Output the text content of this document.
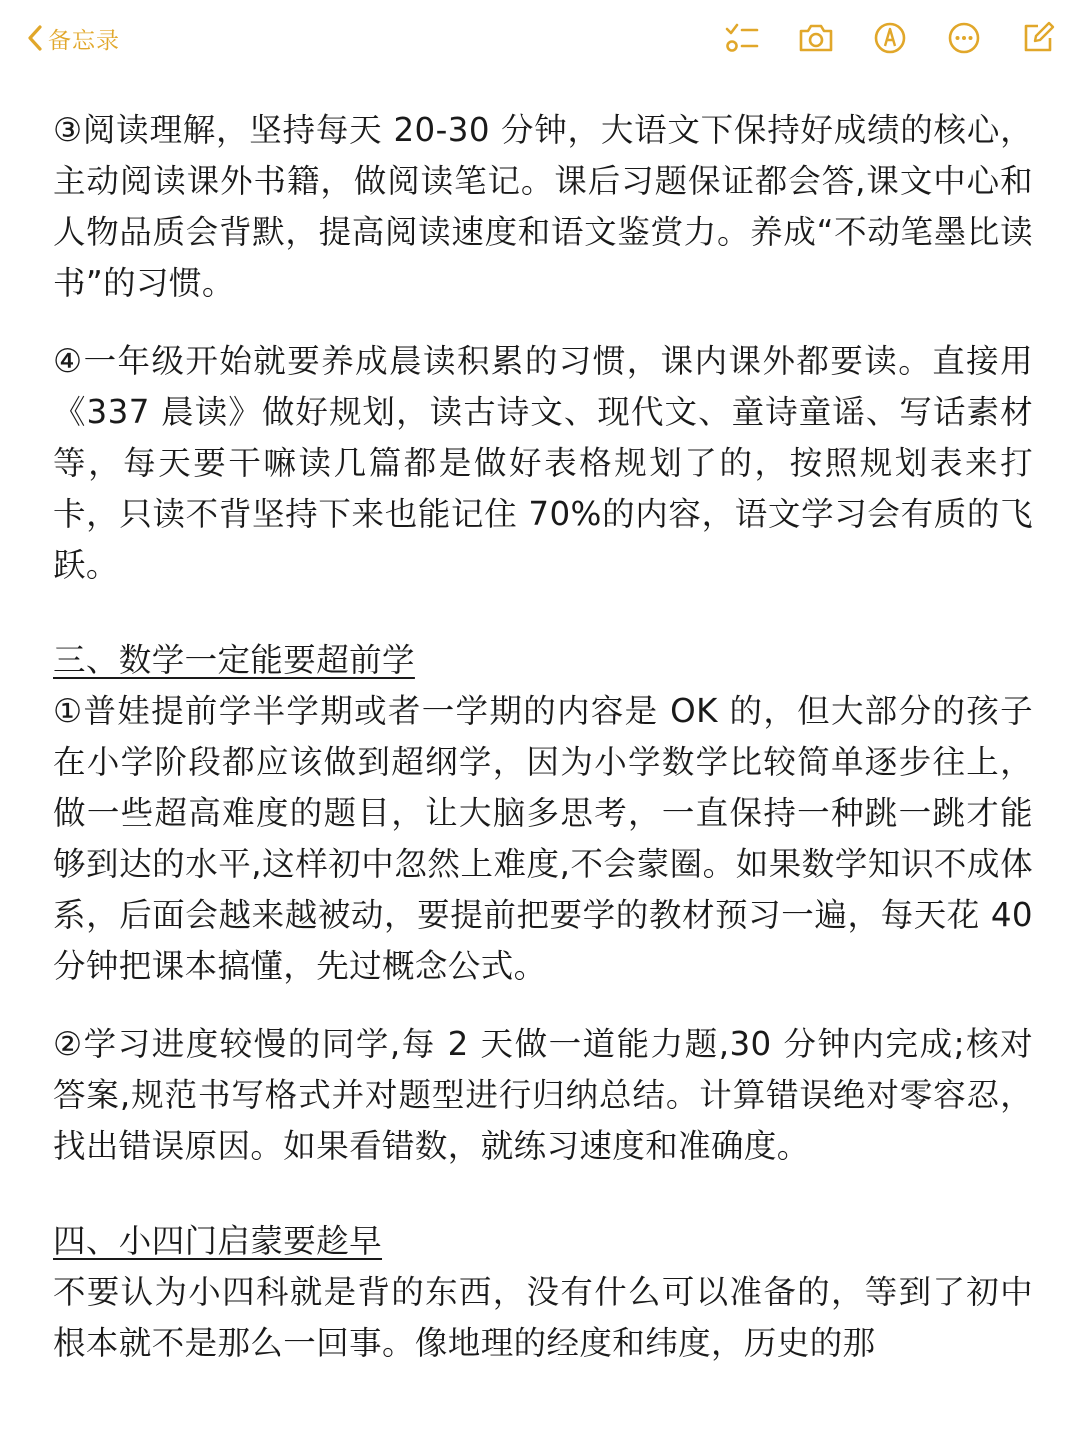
备忘录

③阅读理解，坚持每天 20-30 分钟，大语文下保持好成绩的核心，主动阅读课外书籍，做阅读笔记。课后习题保证都会答,课文中心和人物品质会背默，提高阅读速度和语文鉴赏力。养成“不动笔墨比读书”的习惯。

④一年级开始就要养成晨读积累的习惯，课内课外都要读。直接用《337 晨读》做好规划，读古诗文、现代文、童诗童谣、写话素材等，每天要干嘛读几篇都是做好表格规划了的，按照规划表来打卡，只读不背坚持下来也能记住 70%的内容，语文学习会有质的飞跃。

三、数学一定能要超前学

①普娃提前学半学期或者一学期的内容是 OK 的，但大部分的孩子在小学阶段都应该做到超纲学，因为小学数学比较简单逐步往上，做一些超高难度的题目，让大脑多思考，一直保持一种跳一跳才能够到达的水平,这样初中忽然上难度,不会蒙圈。如果数学知识不成体系，后面会越来越被动，要提前把要学的教材预习一遍，每天花 40 分钟把课本搞懂，先过概念公式。

②学习进度较慢的同学,每 2 天做一道能力题,30 分钟内完成;核对答案,规范书写格式并对题型进行归纳总结。计算错误绝对零容忍，找出错误原因。如果看错数，就练习速度和准确度。

四、小四门启蒙要趁早

不要认为小四科就是背的东西，没有什么可以准备的，等到了初中根本就不是那么一回事。像地理的经度和纬度，历史的那
